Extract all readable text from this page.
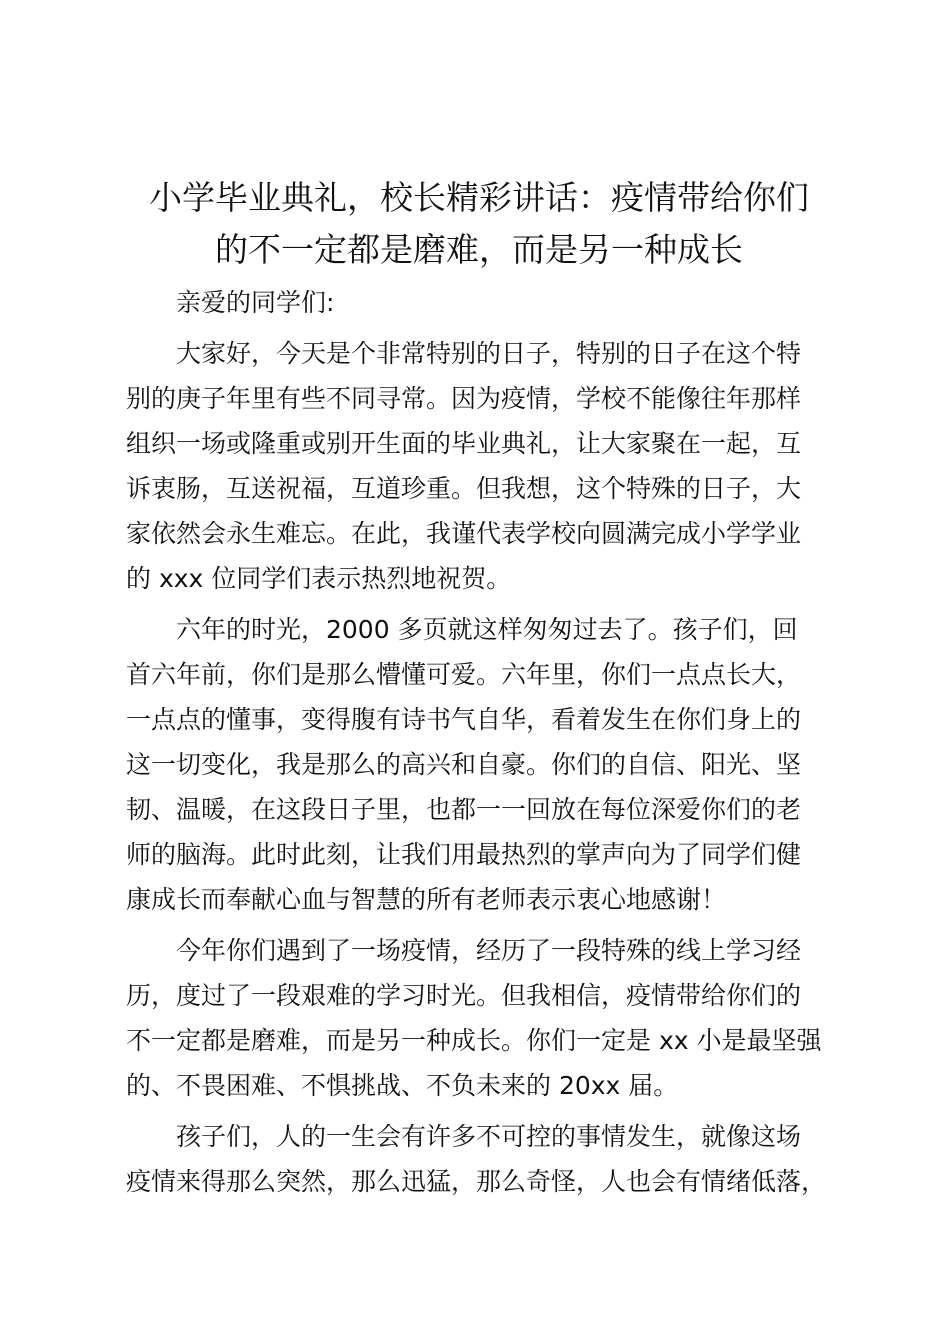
小学毕业典礼，校长精彩讲话：疫情带给你们
的不一定都是磨难，而是另一种成长

亲爱的同学们:

大家好，今天是个非常特别的日子，特别的日子在这个特
别的庚子年里有些不同寻常。因为疫情，学校不能像往年那样
组织一场或隆重或别开生面的毕业典礼，让大家聚在一起，互
诉衷肠，互送祝福，互道珍重。但我想，这个特殊的日子，大
家依然会永生难忘。在此，我谨代表学校向圆满完成小学学业
的 xxx 位同学们表示热烈地祝贺。
六年的时光，2000 多页就这样匆匆过去了。孩子们，回
首六年前，你们是那么懵懂可爱。六年里，你们一点点长大，
一点点的懂事，变得腹有诗书气自华，看着发生在你们身上的
这一切变化，我是那么的高兴和自豪。你们的自信、阳光、坚
韧、温暖，在这段日子里，也都一一回放在每位深爱你们的老
师的脑海。此时此刻，让我们用最热烈的掌声向为了同学们健
康成长而奉献心血与智慧的所有老师表示衷心地感谢！
今年你们遇到了一场疫情，经历了一段特殊的线上学习经
历，度过了一段艰难的学习时光。但我相信，疫情带给你们的
不一定都是磨难，而是另一种成长。你们一定是 xx 小是最坚强
的、不畏困难、不惧挑战、不负未来的 20xx 届。
孩子们，人的一生会有许多不可控的事情发生，就像这场
疫情来得那么突然，那么迅猛，那么奇怪，人也会有情绪低落，
